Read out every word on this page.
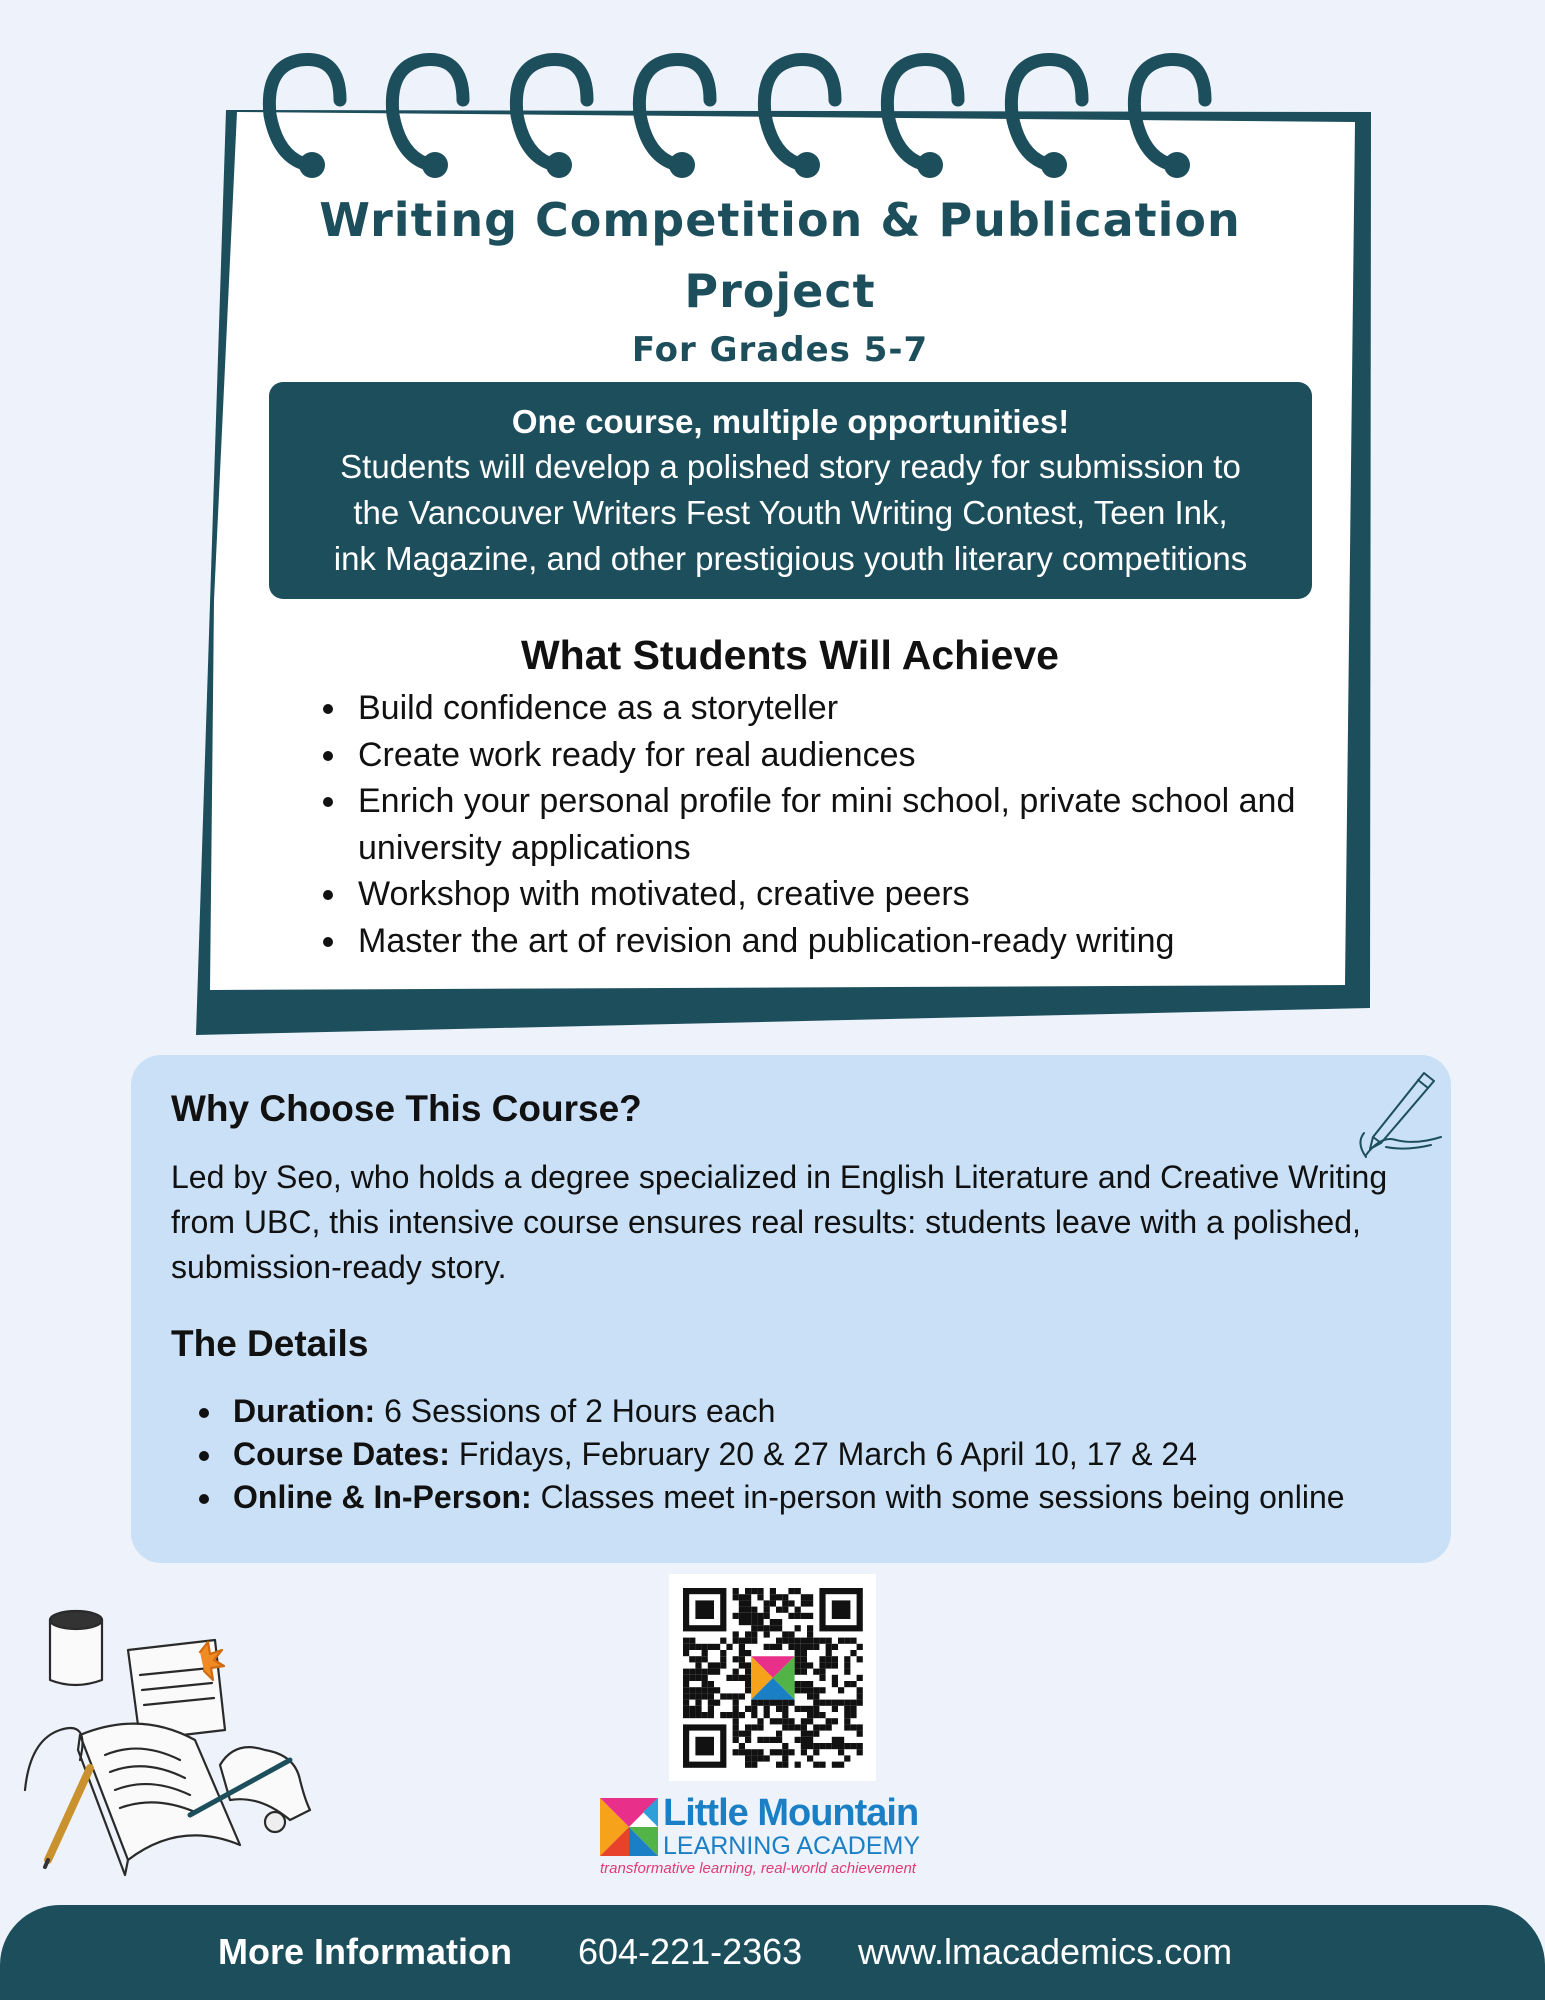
Writing Competition & Publication
Project
For Grades 5-7
One course, multiple opportunities!
Students will develop a polished story ready for submission to
the Vancouver Writers Fest Youth Writing Contest, Teen Ink,
ink Magazine, and other prestigious youth literary competitions
What Students Will Achieve
• Build confidence as a storyteller
• Create work ready for real audiences
• Enrich your personal profile for mini school, private school and university applications
• Workshop with motivated, creative peers
• Master the art of revision and publication-ready writing
Why Choose This Course?
Led by Seo, who holds a degree specialized in English Literature and Creative Writing from UBC, this intensive course ensures real results: students leave with a polished, submission-ready story.
The Details
• Duration: 6 Sessions of 2 Hours each
• Course Dates: Fridays, February 20 & 27 March 6 April 10, 17 & 24
• Online & In-Person: Classes meet in-person with some sessions being online
Little Mountain
LEARNING ACADEMY
transformative learning, real-world achievement
More Information 604-221-2363 www.lmacademics.com
